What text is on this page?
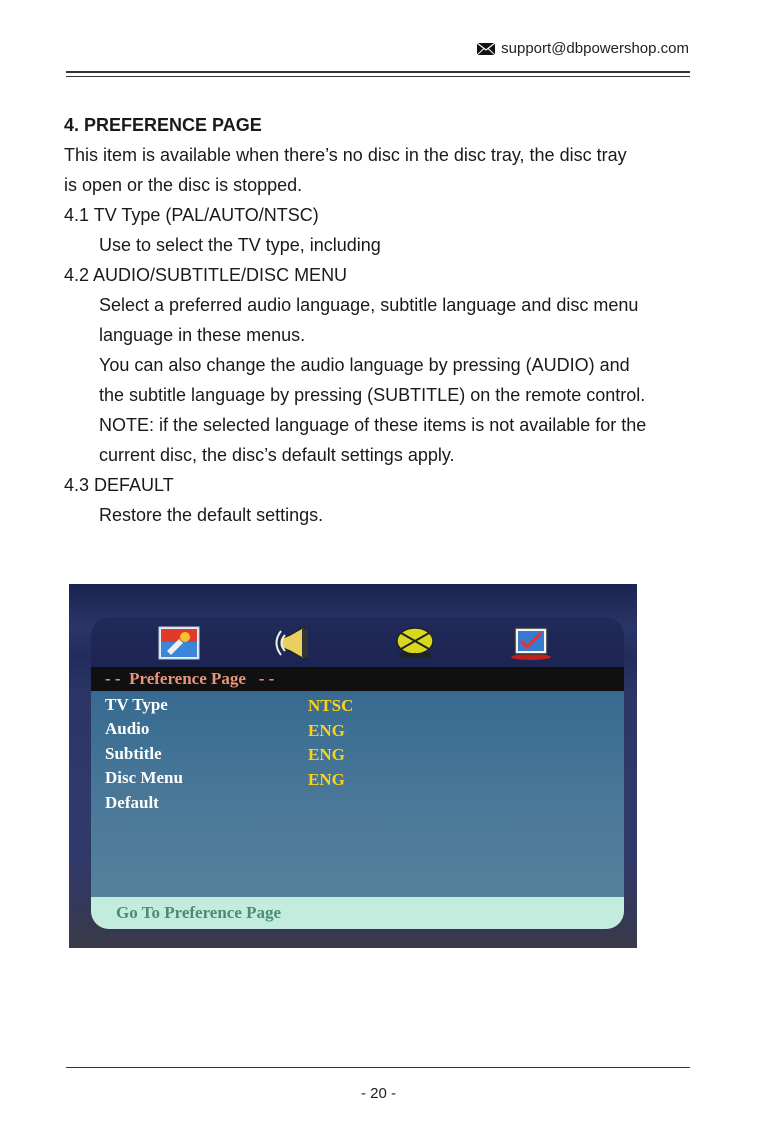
support@dbpowershop.com

4. PREFERENCE PAGE

This item is available when there’s no disc in the disc tray, the disc tray

is open or the disc is stopped.

4.1 TV Type (PAL/AUTO/NTSC)

Use to select the TV type, including

4.2 AUDIO/SUBTITLE/DISC MENU

Select a preferred audio language, subtitle language and disc menu

language in these menus.

You can also change the audio language by pressing (AUDIO) and

the subtitle language by pressing (SUBTITLE) on the remote control.

NOTE: if the selected language of these items is not available for the

current disc, the disc’s default settings apply.

4.3 DEFAULT

Restore the default settings.

- -  Preference Page   - -
TV Type	NTSC
Audio	ENG
Subtitle	ENG
Disc Menu	ENG
Default
Go To Preference Page
- 20 -
